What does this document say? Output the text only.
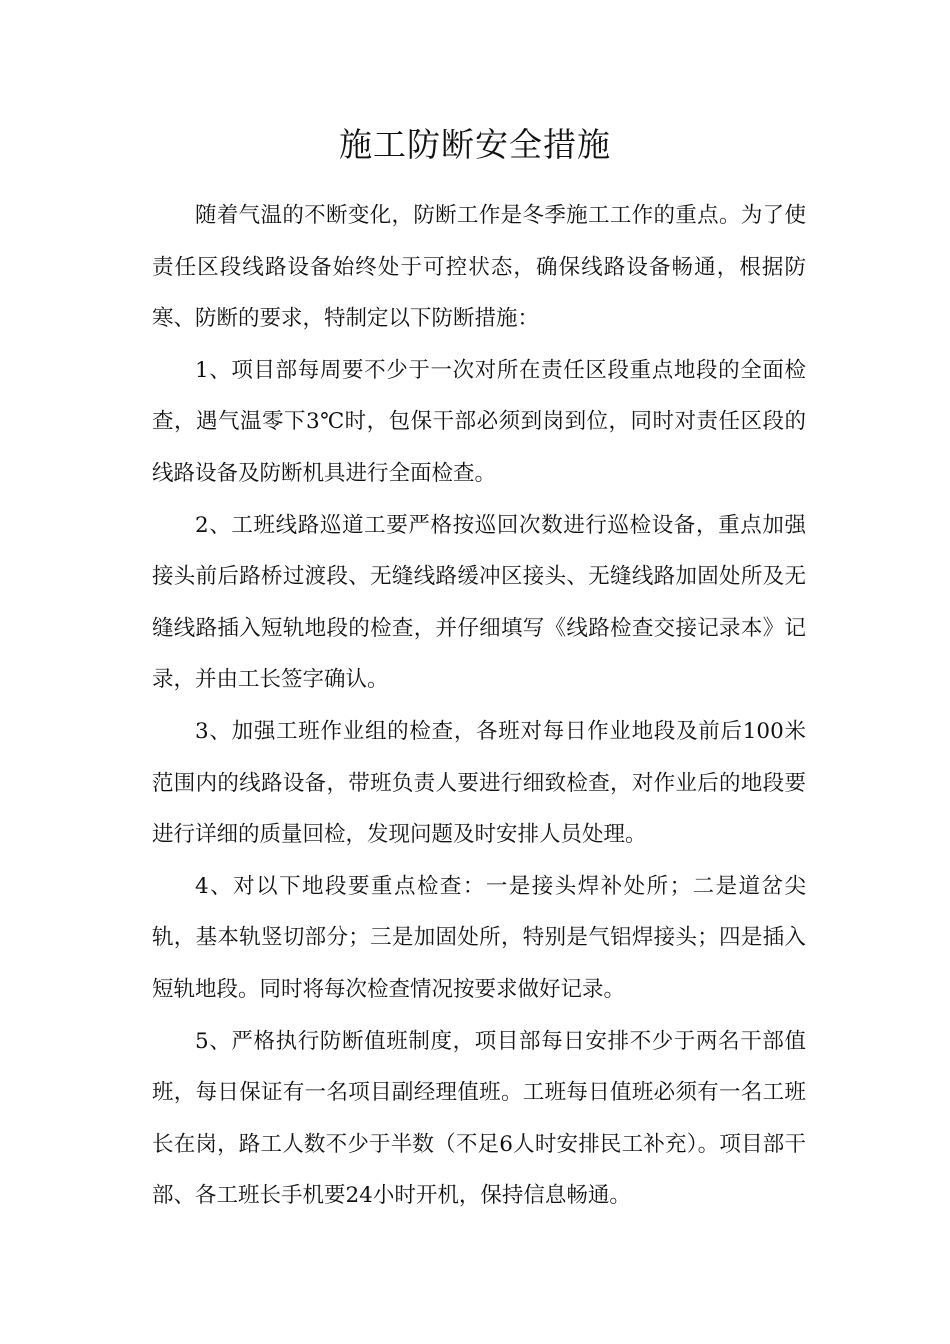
施工防断安全措施

随着气温的不断变化，防断工作是冬季施工工作的重点。为了使责任区段线路设备始终处于可控状态，确保线路设备畅通，根据防寒、防断的要求，特制定以下防断措施：

1、项目部每周要不少于一次对所在责任区段重点地段的全面检查，遇气温零下3℃时，包保干部必须到岗到位，同时对责任区段的线路设备及防断机具进行全面检查。

2、工班线路巡道工要严格按巡回次数进行巡检设备，重点加强接头前后路桥过渡段、无缝线路缓冲区接头、无缝线路加固处所及无缝线路插入短轨地段的检查，并仔细填写《线路检查交接记录本》记录，并由工长签字确认。

3、加强工班作业组的检查，各班对每日作业地段及前后100米范围内的线路设备，带班负责人要进行细致检查，对作业后的地段要进行详细的质量回检，发现问题及时安排人员处理。

4、对以下地段要重点检查：一是接头焊补处所；二是道岔尖轨，基本轨竖切部分；三是加固处所，特别是气铝焊接头；四是插入短轨地段。同时将每次检查情况按要求做好记录。

5、严格执行防断值班制度，项目部每日安排不少于两名干部值班，每日保证有一名项目副经理值班。工班每日值班必须有一名工班长在岗，路工人数不少于半数（不足6人时安排民工补充）。项目部干部、各工班长手机要24小时开机，保持信息畅通。
